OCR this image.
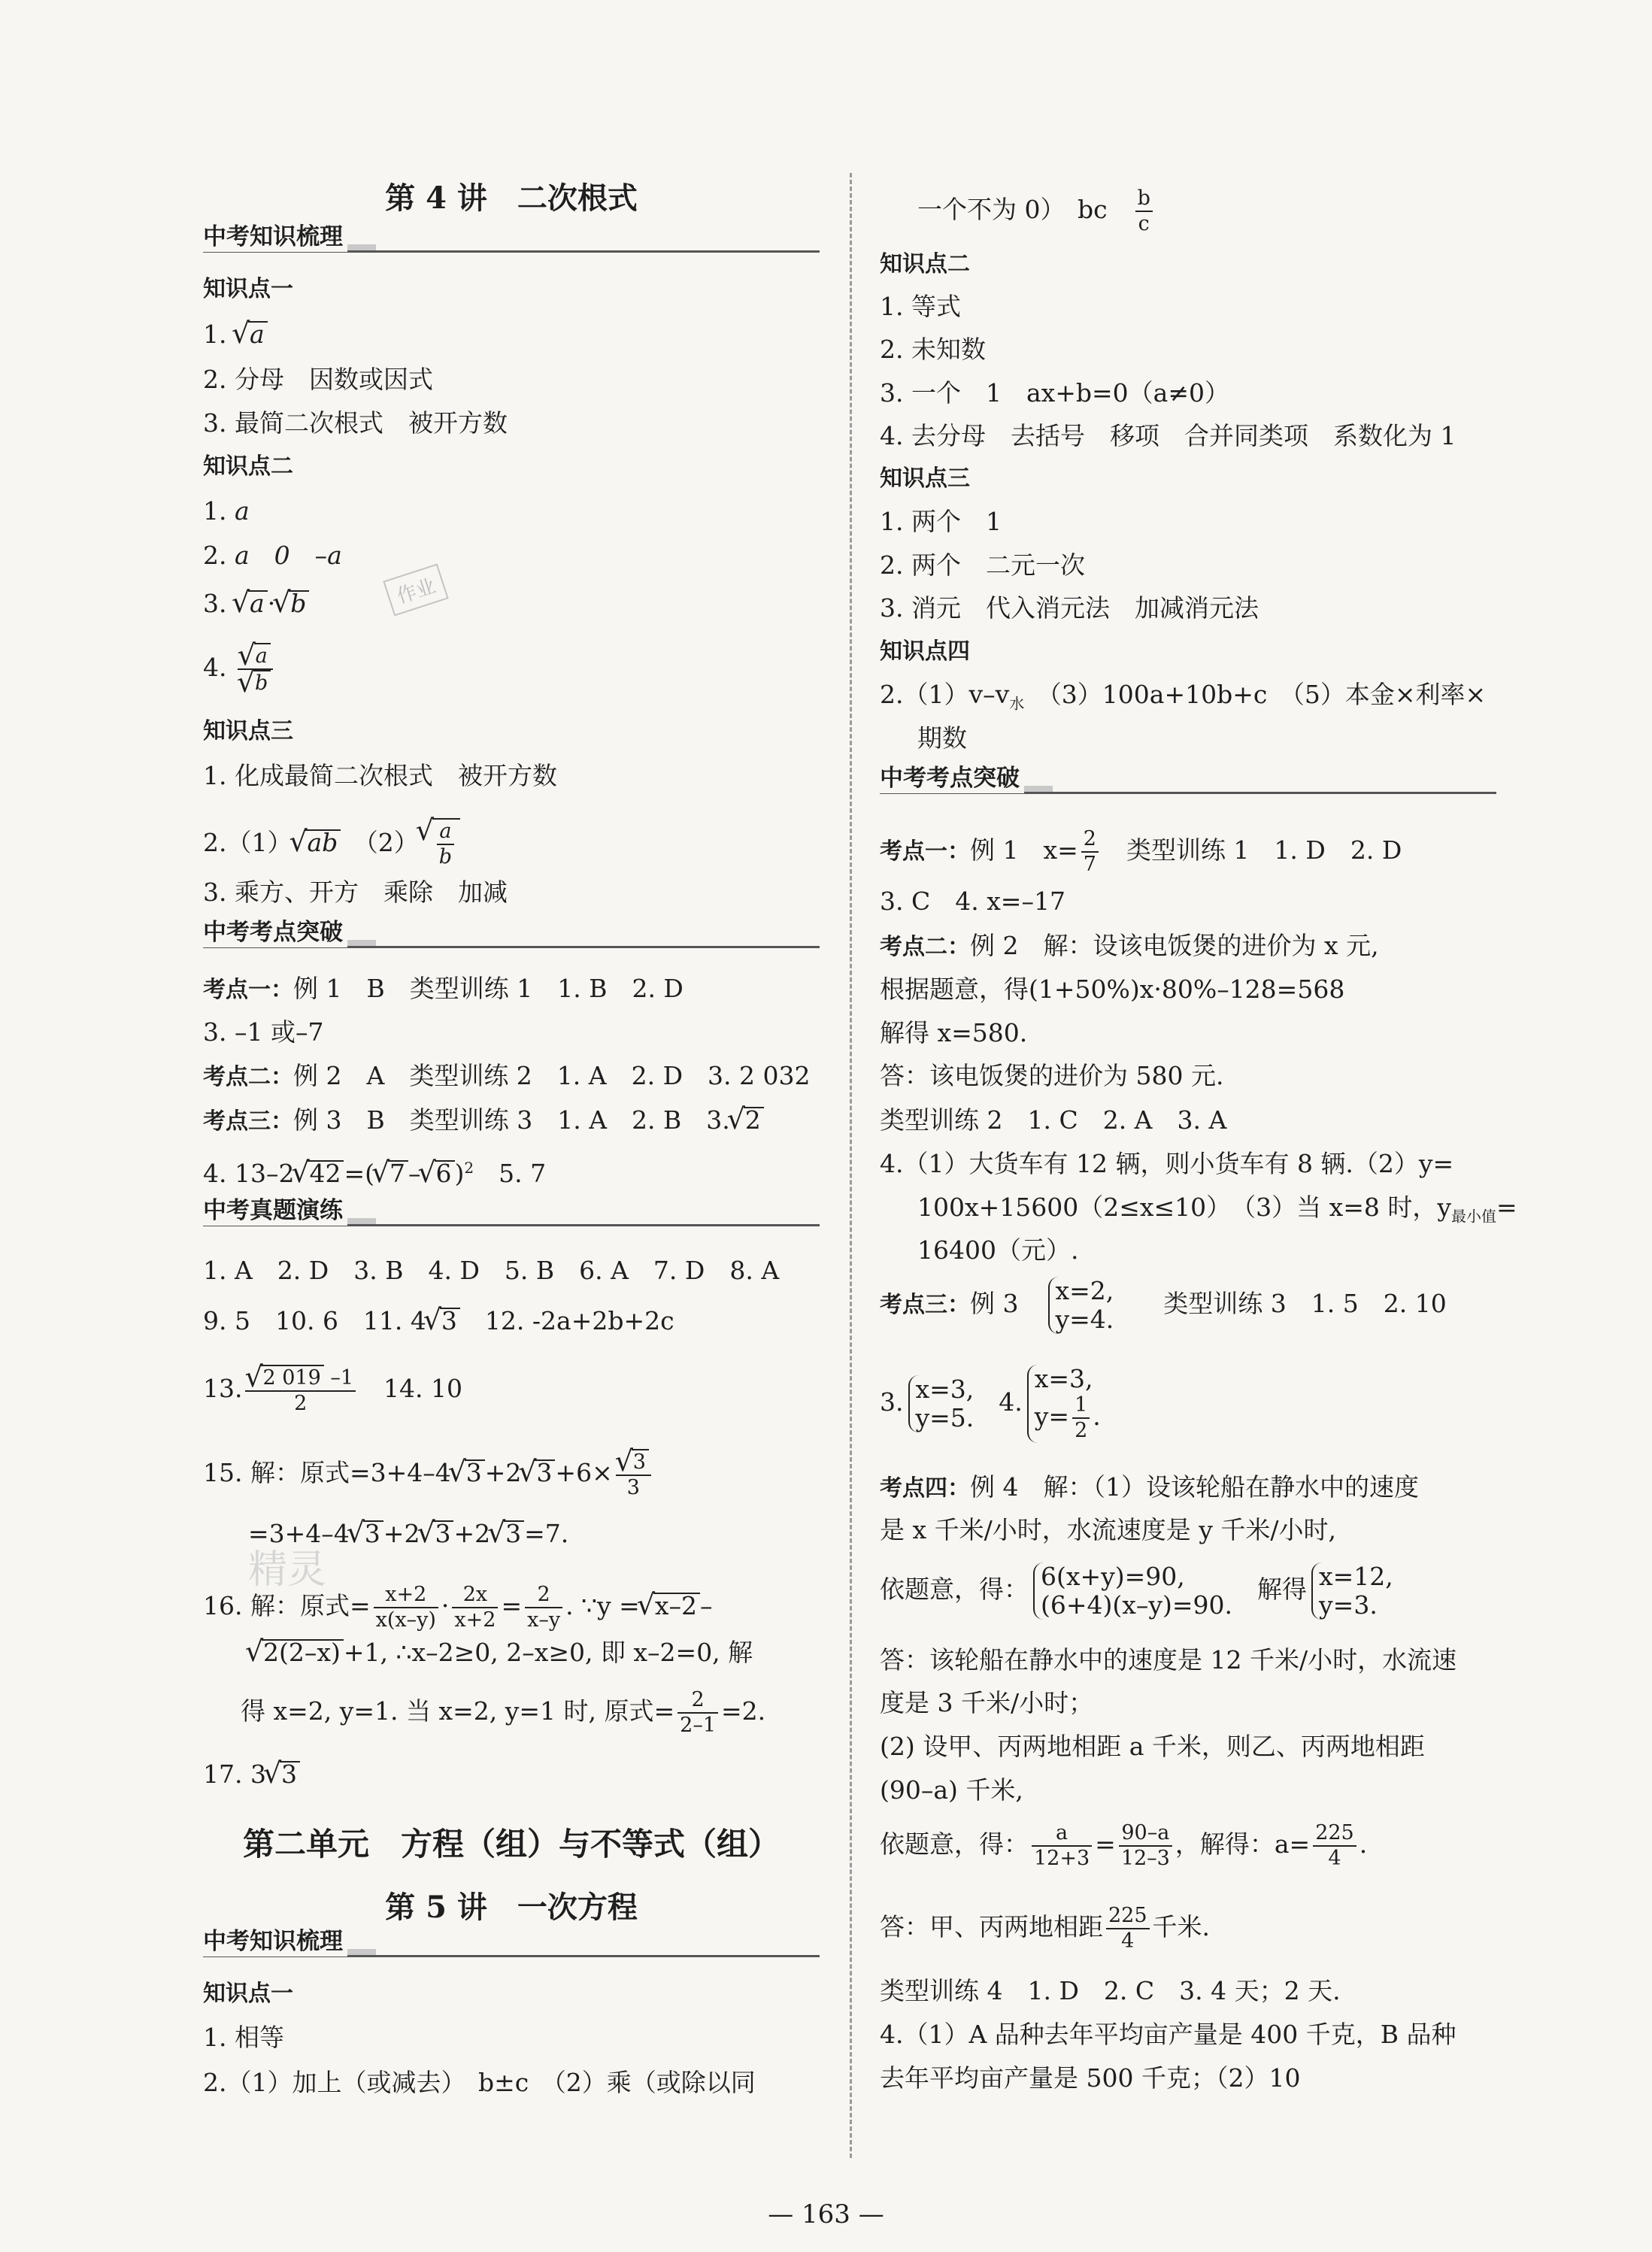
第 4 讲　二次根式
中考知识梳理
知识点一
1. √ a
2. 分母　因数或因式
3. 最简二次根式　被开方数
知识点二
1. a
2. a　0　–a
3. √ a · √ b
4. √ a
√ b
知识点三
1. 化成最简二次根式　被开方数
2.（1） √ ab　 （2） √ $\frac{a}{b}$
3. 乘方、开方　乘除　加减
中考考点突破
考点一：例 1　B　类型训练 1　1. B　2. D
3. –1 或–7
考点二：例 2　A　类型训练 2　1. A　2. D　3. 2 032
考点三：例 3　B　类型训练 3　1. A　2. B　3. √ 2
4. 13–2 √ 42 =( √ 7 – √ 6 )$^2$　5. 7
中考真题演练
1. A　2. D　3. B　4. D　5. B　6. A　7. D　8. A
9. 5　10. 6　11. 4 √ 3　12. -2a+2b+2c
13. √ $\frac{2 019 -1}{2}$ 　14. 10
15. 解：原式=3+4–4 √ 3 +2 √ 3 +6× √ $\frac{3}{3}$
=3+4–4 √ 3 +2 √ 3 +2 √ 3 =7.
16. 解：原式= $\frac{x+2}{x(x-y)} \cdot \frac{2x}{x+2} = \frac{2}{x-y}$ . ∵y = √ x–2 –
√ 2(2–x) +1, ∴x–2≥0, 2–x≥0, 即 x–2=0, 解
得 x=2, y=1. 当 x=2, y=1 时, 原式= $\frac{2}{2-1} =2$.
17. 3 √ 3
第二单元　方程（组）与不等式（组）
第 5 讲　一次方程
中考知识梳理
知识点一
1. 相等
2.（1）加上（或减去）　b±c　（2）乘（或除以同
一个不为 0）　bc　 $\frac{b}{c}$
知识点二
1. 等式
2. 未知数
3. 一个　1　ax+b=0（a≠0）
4. 去分母　去括号　移项　合并同类项　系数化为 1
知识点三
1. 两个　1
2. 两个　二元一次
3. 消元　代入消元法　加减消元法
知识点四
$2.(1)v-v_水$　 （3）100a+10b+c　（5）本金×利率×
期数
中考考点突破
考点一：例 1　$x= \frac{2}{7}$ 　类型训练 1　1. D　2. D
3. C　4. x=–17
考点二：例 2　解：设该电饭煲的进价为 x 元,
根据题意，得(1+50%)x·80%–128=568
解得 x=580.
答：该电饭煲的进价为 580 元.
类型训练 2　1. C　2. A　3. A
4.（1）大货车有 12 辆，则小货车有 8 辆.（2）y=
100x+15600（2≤x≤10）　（3）当 x=8 时，$y_{最小值}=$
16400（元）.
考点三：例 3　 x=2,
y=4.
　　类型训练 3　1. 5　2. 10
3. x=3,
y=5.
　4.
x=3,
$y= \frac{1}{2}$ .
考点四：例 4　解：（1）设该轮船在静水中的速度
是 x 千米/小时，水流速度是 y 千米/小时,
依题意，得： 6(x+y)=90,
(6+4)(x–y)=90.
　解得 x=12,
y=3.
答：该轮船在静水中的速度是 12 千米/小时，水流速
度是 3 千米/小时；
(2) 设甲、丙两地相距 a 千米，则乙、丙两地相距
(90–a) 千米,
依题意，得： $\frac{a}{12+3} = \frac{90-a}{12-3}$ ，解得：$a= \frac{225}{4}$ .
答：甲、丙两地相距 $\frac{225}{4}$ 千米.
类型训练 4　1. D　2. C　3. 4 天；2 天.
4.（1）A 品种去年平均亩产量是 400 千克，B 品种
去年平均亩产量是 500 千克；（2）10
作业
精灵
— 163 —
